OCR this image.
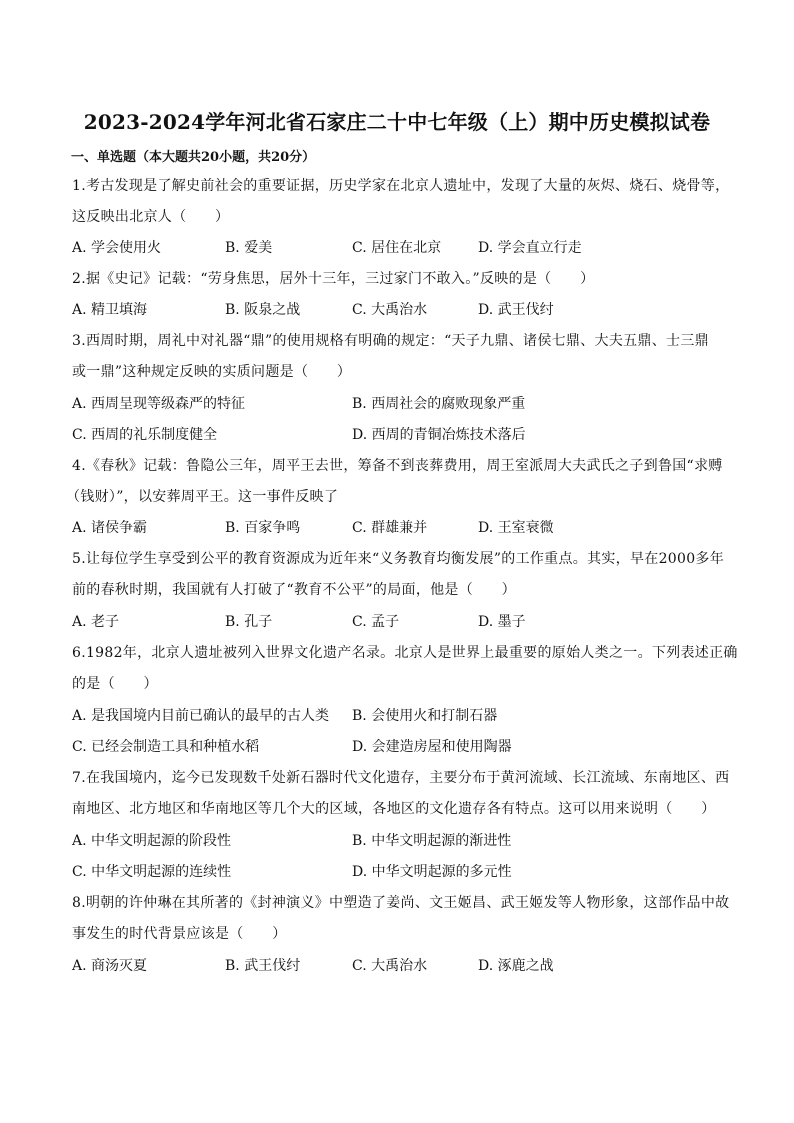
2023-2024学年河北省石家庄二十中七年级（上）期中历史模拟试卷
一、单选题（本大题共20小题，共20分）
1.考古发现是了解史前社会的重要证据，历史学家在北京人遗址中，发现了大量的灰烬、烧石、烧骨等，
这反映出北京人（　　）
A. 学会使用火	B. 爱美	C. 居住在北京	D. 学会直立行走
2.据《史记》记载：“劳身焦思，居外十三年，三过家门不敢入。”反映的是（　　）
A. 精卫填海	B. 阪泉之战	C. 大禹治水	D. 武王伐纣
3.西周时期，周礼中对礼器“鼎”的使用规格有明确的规定：“天子九鼎、诸侯七鼎、大夫五鼎、士三鼎
或一鼎”这种规定反映的实质问题是（　　）
A. 西周呈现等级森严的特征	B. 西周社会的腐败现象严重
C. 西周的礼乐制度健全	D. 西周的青铜冶炼技术落后
4.《春秋》记载：鲁隐公三年，周平王去世，筹备不到丧葬费用，周王室派周大夫武氏之子到鲁国“求赙
（钱财）”，以安葬周平王。这一事件反映了
A. 诸侯争霸	B. 百家争鸣	C. 群雄兼并	D. 王室衰微
5.让每位学生享受到公平的教育资源成为近年来“义务教育均衡发展”的工作重点。其实，早在2000多年
前的春秋时期，我国就有人打破了“教育不公平”的局面，他是（　　）
A. 老子	B. 孔子	C. 孟子	D. 墨子
6.1982年，北京人遗址被列入世界文化遗产名录。北京人是世界上最重要的原始人类之一。下列表述正确
的是（　　）
A. 是我国境内目前已确认的最早的古人类 B. 会使用火和打制石器
C. 已经会制造工具和种植水稻	D. 会建造房屋和使用陶器
7.在我国境内，迄今已发现数千处新石器时代文化遗存，主要分布于黄河流域、长江流域、东南地区、西
南地区、北方地区和华南地区等几个大的区域，各地区的文化遗存各有特点。这可以用来说明（　　）
A. 中华文明起源的阶段性	B. 中华文明起源的渐进性
C. 中华文明起源的连续性	D. 中华文明起源的多元性
8.明朝的许仲琳在其所著的《封神演义》中塑造了姜尚、文王姬昌、武王姬发等人物形象，这部作品中故
事发生的时代背景应该是（　　）
A. 商汤灭夏	B. 武王伐纣	C. 大禹治水	D. 涿鹿之战
